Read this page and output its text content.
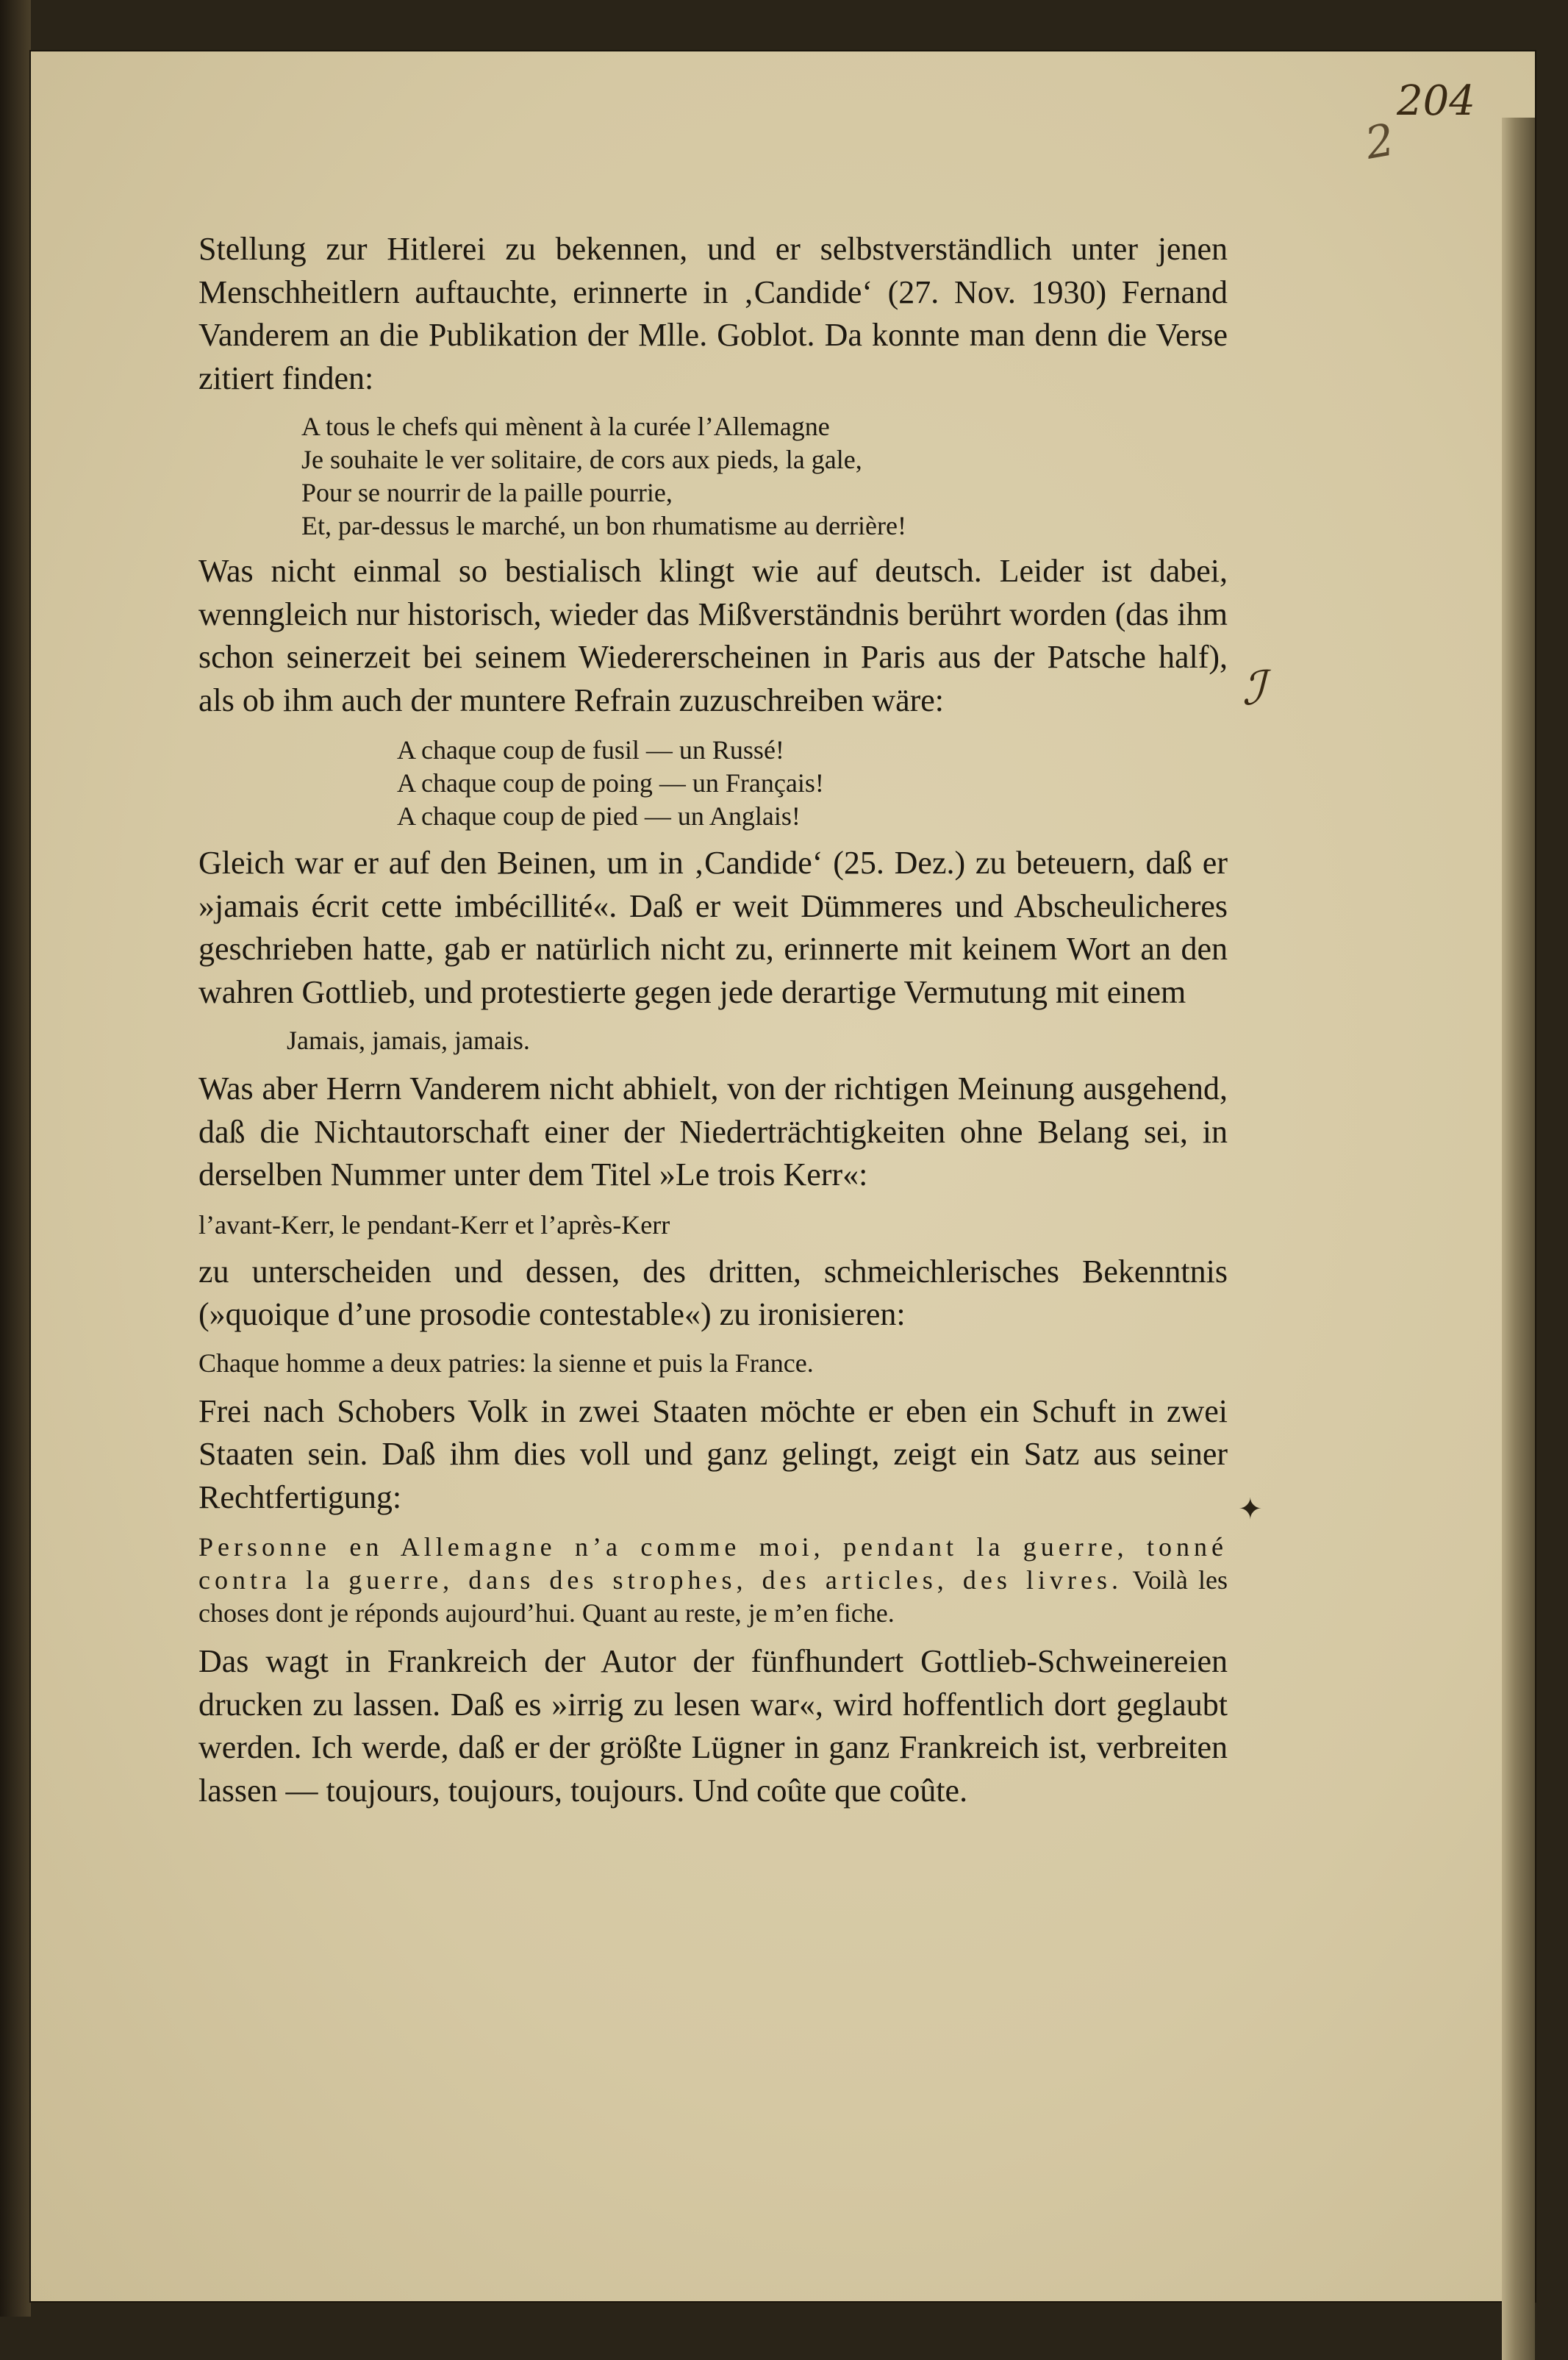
204
2

Stellung zur Hitlerei zu bekennen, und er selbstverständlich unter jenen Menschheitlern auftauchte, erinnerte in ‚Candide‘ (27. Nov. 1930) Fernand Vanderem an die Publikation der Mlle. Goblot. Da konnte man denn die Verse zitiert finden:

A tous le chefs qui mènent à la curée l’Allemagne
Je souhaite le ver solitaire, de cors aux pieds, la gale,
Pour se nourrir de la paille pourrie,
Et, par-dessus le marché, un bon rhumatisme au derrière!

Was nicht einmal so bestialisch klingt wie auf deutsch. Leider ist dabei, wenngleich nur historisch, wieder das Mißverständnis berührt worden (das ihm schon seinerzeit bei seinem Wiedererscheinen in Paris aus der Patsche half), als ob ihm auch der muntere Refrain zuzuschreiben wäre:

A chaque coup de fusil — un Russé!
A chaque coup de poing — un Français!
A chaque coup de pied — un Anglais!

Gleich war er auf den Beinen, um in ‚Candide‘ (25. Dez.) zu beteuern, daß er »jamais écrit cette imbécillité«. Daß er weit Dümmeres und Abscheulicheres geschrieben hatte, gab er natürlich nicht zu, erinnerte mit keinem Wort an den wahren Gottlieb, und protestierte gegen jede derartige Vermutung mit einem

Jamais, jamais, jamais.

Was aber Herrn Vanderem nicht abhielt, von der richtigen Meinung ausgehend, daß die Nichtautorschaft einer der Niederträchtigkeiten ohne Belang sei, in derselben Nummer unter dem Titel »Le trois Kerr«:

l’avant-Kerr, le pendant-Kerr et l’après-Kerr

zu unterscheiden und dessen, des dritten, schmeichlerisches Bekenntnis (»quoique d’une prosodie contestable«) zu ironisieren:

Chaque homme a deux patries: la sienne et puis la France.

Frei nach Schobers Volk in zwei Staaten möchte er eben ein Schuft in zwei Staaten sein. Daß ihm dies voll und ganz gelingt, zeigt ein Satz aus seiner Rechtfertigung:

Personne en Allemagne n’a comme moi, pendant la guerre, tonné contra la guerre, dans des strophes, des articles, des livres. Voilà les choses dont je réponds aujourd’hui. Quant au reste, je m’en fiche.

Das wagt in Frankreich der Autor der fünfhundert Gottlieb-Schweinereien drucken zu lassen. Daß es »irrig zu lesen war«, wird hoffentlich dort geglaubt werden. Ich werde, daß er der größte Lügner in ganz Frankreich ist, verbreiten lassen — toujours, toujours, toujours. Und coûte que coûte.

ℐ
✦
